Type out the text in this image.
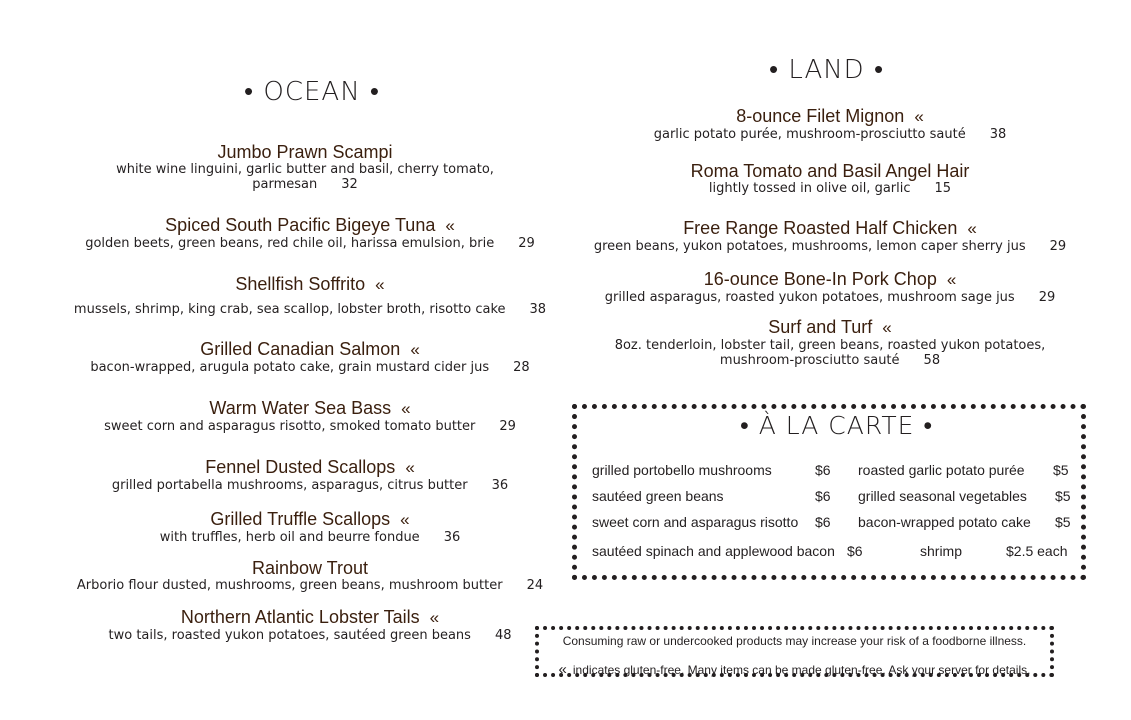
• OCEAN •
Jumbo Prawn Scampi
white wine linguini, garlic butter and basil, cherry tomato,
parmesan 32
Spiced South Pacific Bigeye Tuna «
golden beets, green beans, red chile oil, harissa emulsion, brie 29
Shellfish Soffrito «
mussels, shrimp, king crab, sea scallop, lobster broth, risotto cake 38
Grilled Canadian Salmon «
bacon-wrapped, arugula potato cake, grain mustard cider jus 28
Warm Water Sea Bass «
sweet corn and asparagus risotto, smoked tomato butter 29
Fennel Dusted Scallops «
grilled portabella mushrooms, asparagus, citrus butter 36
Grilled Truffle Scallops «
with truffles, herb oil and beurre fondue 36
Rainbow Trout
Arborio flour dusted, mushrooms, green beans, mushroom butter 24
Northern Atlantic Lobster Tails «
two tails, roasted yukon potatoes, sautéed green beans 48
• LAND •
8-ounce Filet Mignon «
garlic potato purée, mushroom-prosciutto sauté 38
Roma Tomato and Basil Angel Hair
lightly tossed in olive oil, garlic 15
Free Range Roasted Half Chicken «
green beans, yukon potatoes, mushrooms, lemon caper sherry jus 29
16-ounce Bone-In Pork Chop «
grilled asparagus, roasted yukon potatoes, mushroom sage jus 29
Surf and Turf «
8oz. tenderloin, lobster tail, green beans, roasted yukon potatoes,
mushroom-prosciutto sauté 58
• À LA CARTE •
grilled portobello mushrooms	$6 roasted garlic potato purée $5
sautéed green beans	$6 grilled seasonal vegetables $5
sweet corn and asparagus risotto $6 bacon-wrapped potato cake $5
sautéed spinach and applewood bacon $6	shrimp	$2.5 each
Consuming raw or undercooked products may increase your risk of a foodborne illness.
« indicates gluten-free. Many items can be made gluten-free. Ask your server for details.
